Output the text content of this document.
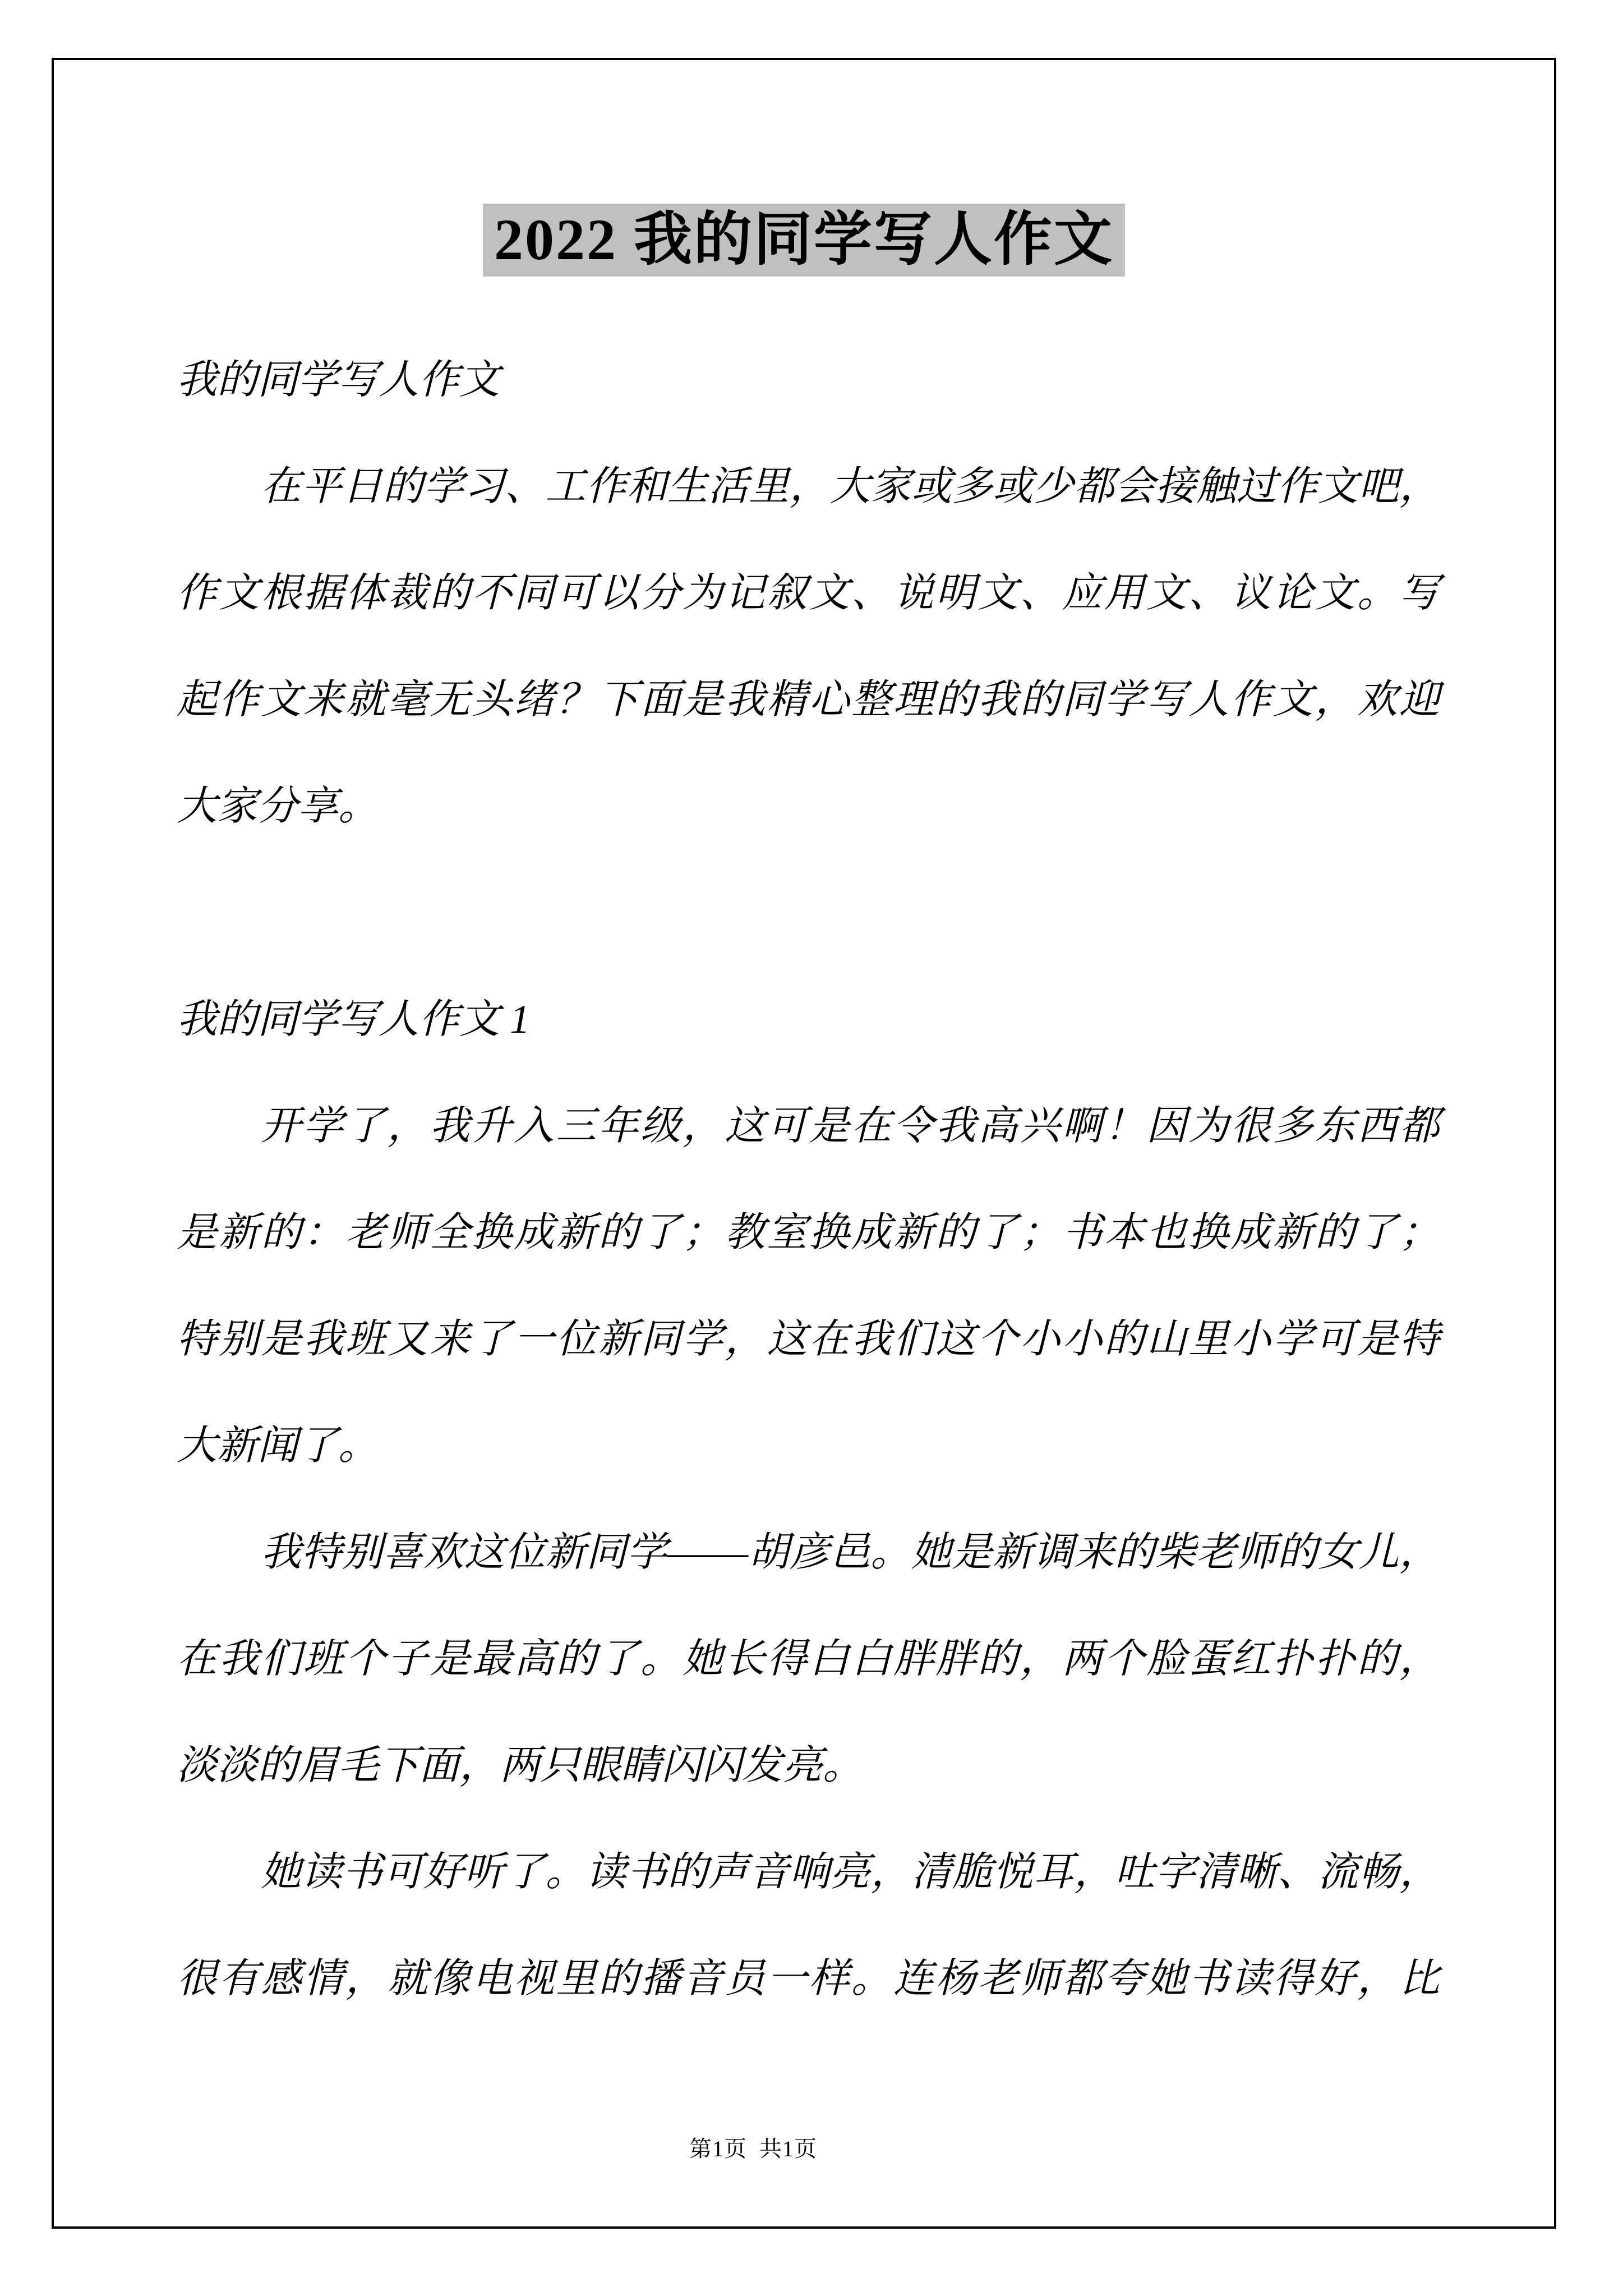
2022 我的同学写人作文
我的同学写人作文
在平日的学习、工作和生活里，大家或多或少都会接触过作文吧，
作文根据体裁的不同可以分为记叙文、说明文、应用文、议论文。写
起作文来就毫无头绪？下面是我精心整理的我的同学写人作文，欢迎
大家分享。
我的同学写人作文 1
开学了，我升入三年级，这可是在令我高兴啊！因为很多东西都
是新的：老师全换成新的了；教室换成新的了；书本也换成新的了；
特别是我班又来了一位新同学，这在我们这个小小的山里小学可是特
大新闻了。
我特别喜欢这位新同学――胡彦邑。她是新调来的柴老师的女儿，
在我们班个子是最高的了。她长得白白胖胖的，两个脸蛋红扑扑的，
淡淡的眉毛下面，两只眼睛闪闪发亮。
她读书可好听了。读书的声音响亮，清脆悦耳，吐字清晰、流畅，
很有感情，就像电视里的播音员一样。连杨老师都夸她书读得好，比
第1页  共1页
